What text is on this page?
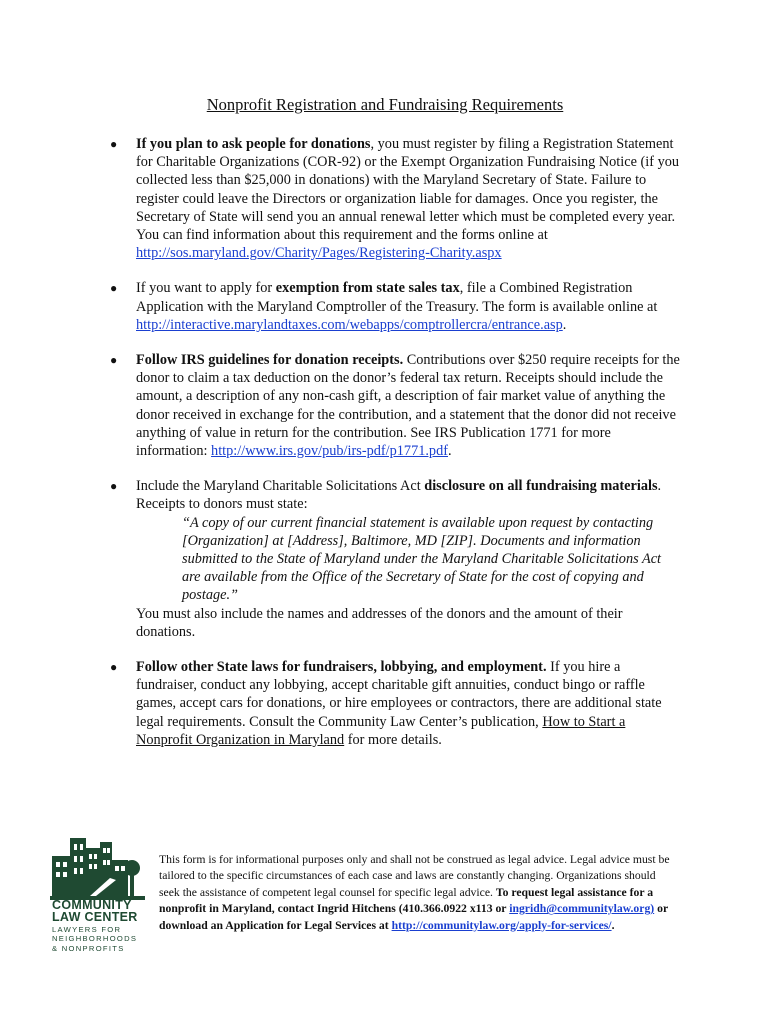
Nonprofit Registration and Fundraising Requirements
● If you plan to ask people for donations, you must register by filing a Registration Statement for Charitable Organizations (COR-92) or the Exempt Organization Fundraising Notice (if you collected less than $25,000 in donations) with the Maryland Secretary of State. Failure to register could leave the Directors or organization liable for damages. Once you register, the Secretary of State will send you an annual renewal letter which must be completed every year. You can find information about this requirement and the forms online at http://sos.maryland.gov/Charity/Pages/Registering-Charity.aspx
● If you want to apply for exemption from state sales tax, file a Combined Registration Application with the Maryland Comptroller of the Treasury. The form is available online at http://interactive.marylandtaxes.com/webapps/comptrollercra/entrance.asp.
● Follow IRS guidelines for donation receipts. Contributions over $250 require receipts for the donor to claim a tax deduction on the donor’s federal tax return. Receipts should include the amount, a description of any non-cash gift, a description of fair market value of anything the donor received in exchange for the contribution, and a statement that the donor did not receive anything of value in return for the contribution. See IRS Publication 1771 for more information: http://www.irs.gov/pub/irs-pdf/p1771.pdf.
● Include the Maryland Charitable Solicitations Act disclosure on all fundraising materials. Receipts to donors must state:
“A copy of our current financial statement is available upon request by contacting [Organization] at [Address], Baltimore, MD [ZIP]. Documents and information submitted to the State of Maryland under the Maryland Charitable Solicitations Act are available from the Office of the Secretary of State for the cost of copying and postage.”
You must also include the names and addresses of the donors and the amount of their donations.
● Follow other State laws for fundraisers, lobbying, and employment. If you hire a fundraiser, conduct any lobbying, accept charitable gift annuities, conduct bingo or raffle games, accept cars for donations, or hire employees or contractors, there are additional state legal requirements. Consult the Community Law Center’s publication, How to Start a Nonprofit Organization in Maryland for more details.
COMMUNITY
LAW CENTER
LAWYERS FOR
NEIGHBORHOODS
& NONPROFITS

This form is for informational purposes only and shall not be construed as legal advice. Legal advice must be tailored to the specific circumstances of each case and laws are constantly changing. Organizations should seek the assistance of competent legal counsel for specific legal advice. To request legal assistance for a nonprofit in Maryland, contact Ingrid Hitchens (410.366.0922 x113 or ingridh@communitylaw.org) or download an Application for Legal Services at http://communitylaw.org/apply-for-services/.
